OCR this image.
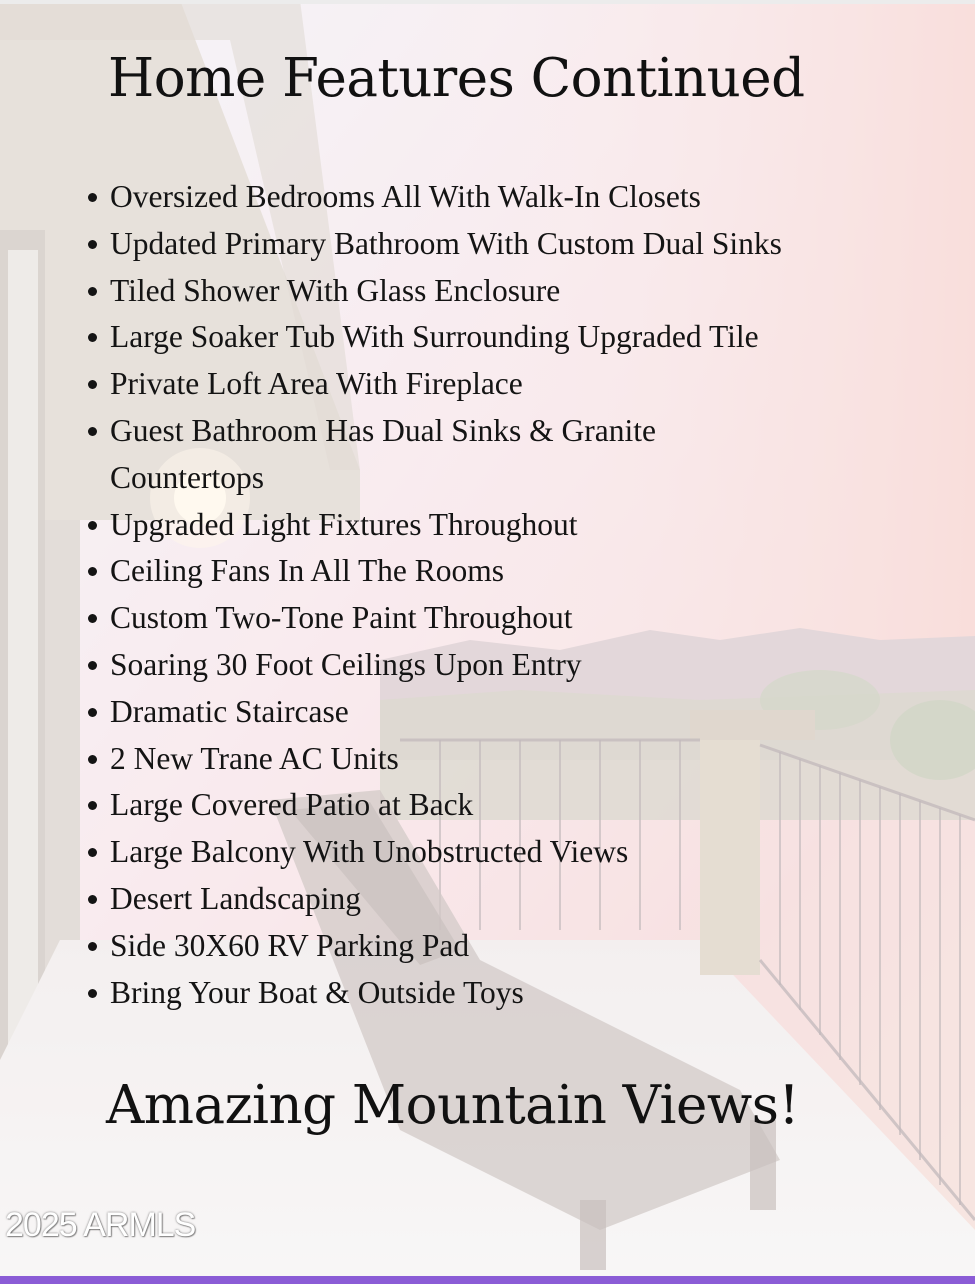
Home Features Continued
Oversized Bedrooms All With Walk-In Closets
Updated Primary Bathroom With Custom Dual Sinks
Tiled Shower With Glass Enclosure
Large Soaker Tub With Surrounding Upgraded Tile
Private Loft Area With Fireplace
Guest Bathroom Has Dual Sinks & Granite Countertops
Upgraded Light Fixtures Throughout
Ceiling Fans In All The Rooms
Custom Two-Tone Paint Throughout
Soaring 30 Foot Ceilings Upon Entry
Dramatic Staircase
2 New Trane AC Units
Large Covered Patio at Back
Large Balcony With Unobstructed Views
Desert Landscaping
Side 30X60 RV Parking Pad
Bring Your Boat & Outside Toys
Amazing Mountain Views!
2025 ARMLS
